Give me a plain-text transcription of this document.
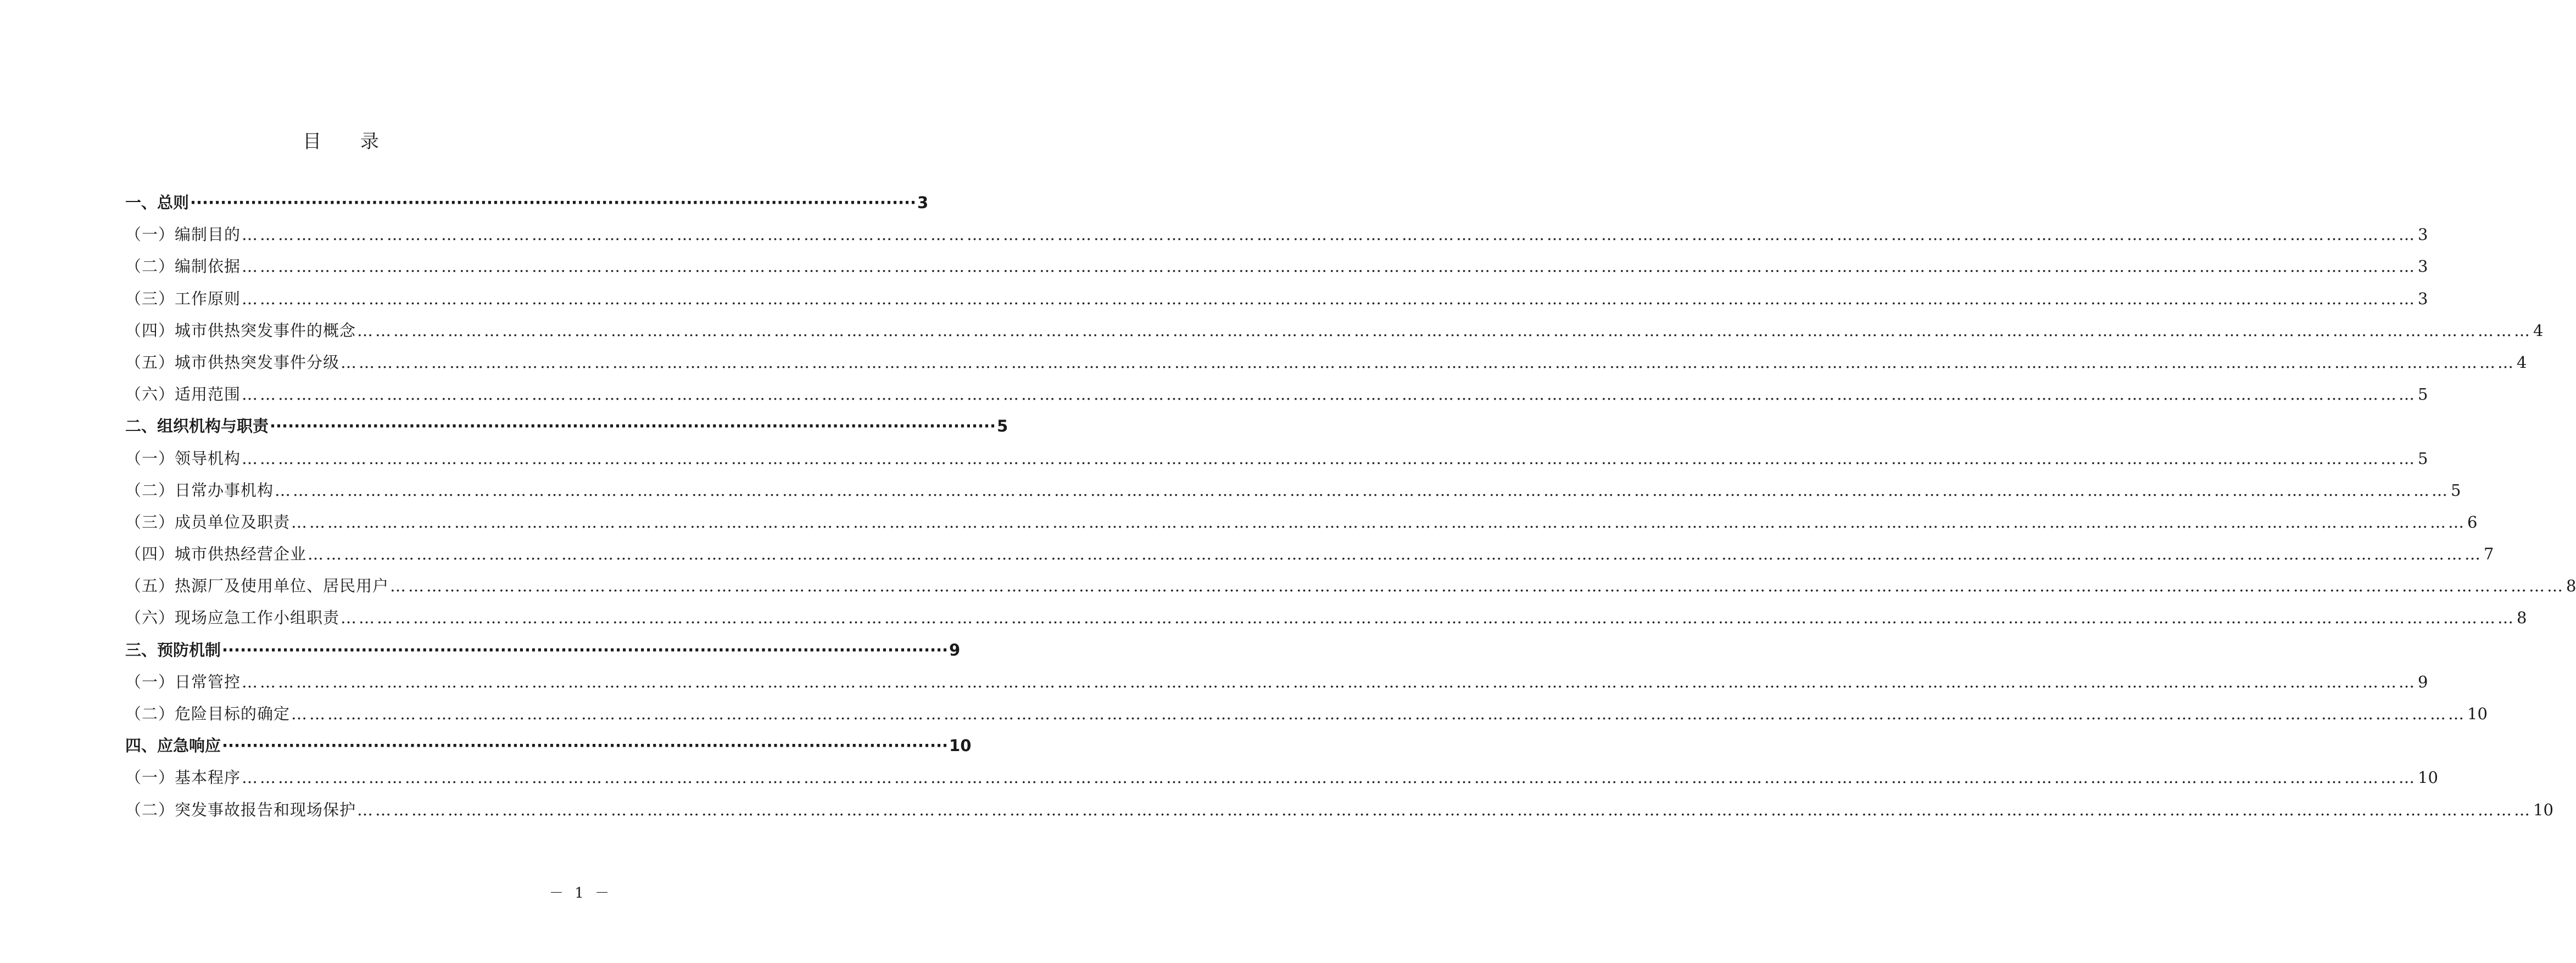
目 录
一、总则 ························································································································ 3
（一）编制目的 ……………………………………………………………………………………………………………………………………………………………………………………………………………………………………………………………………………………………………………………………… 3
（二）编制依据 ……………………………………………………………………………………………………………………………………………………………………………………………………………………………………………………………………………………………………………………………… 3
（三）工作原则 ……………………………………………………………………………………………………………………………………………………………………………………………………………………………………………………………………………………………………………………………… 3
（四）城市供热突发事件的概念 ……………………………………………………………………………………………………………………………………………………………………………………………………………………………………………………………………………………………………………………………… 4
（五）城市供热突发事件分级 ……………………………………………………………………………………………………………………………………………………………………………………………………………………………………………………………………………………………………………………………… 4
（六）适用范围 ……………………………………………………………………………………………………………………………………………………………………………………………………………………………………………………………………………………………………………………………… 5
二、组织机构与职责 ························································································································ 5
（一）领导机构 ……………………………………………………………………………………………………………………………………………………………………………………………………………………………………………………………………………………………………………………………… 5
（二）日常办事机构 ……………………………………………………………………………………………………………………………………………………………………………………………………………………………………………………………………………………………………………………………… 5
（三）成员单位及职责 ……………………………………………………………………………………………………………………………………………………………………………………………………………………………………………………………………………………………………………………………… 6
（四）城市供热经营企业 ……………………………………………………………………………………………………………………………………………………………………………………………………………………………………………………………………………………………………………………………… 7
（五）热源厂及使用单位、居民用户 ……………………………………………………………………………………………………………………………………………………………………………………………………………………………………………………………………………………………………………………………… 8
（六）现场应急工作小组职责 ……………………………………………………………………………………………………………………………………………………………………………………………………………………………………………………………………………………………………………………………… 8
三、预防机制 ························································································································ 9
（一）日常管控 ……………………………………………………………………………………………………………………………………………………………………………………………………………………………………………………………………………………………………………………………… 9
（二）危险目标的确定 ……………………………………………………………………………………………………………………………………………………………………………………………………………………………………………………………………………………………………………………………… 10
四、应急响应 ························································································································ 10
（一）基本程序 ……………………………………………………………………………………………………………………………………………………………………………………………………………………………………………………………………………………………………………………………… 10
（二）突发事故报告和现场保护 ……………………………………………………………………………………………………………………………………………………………………………………………………………………………………………………………………………………………………………………………… 10
－ 1 －
